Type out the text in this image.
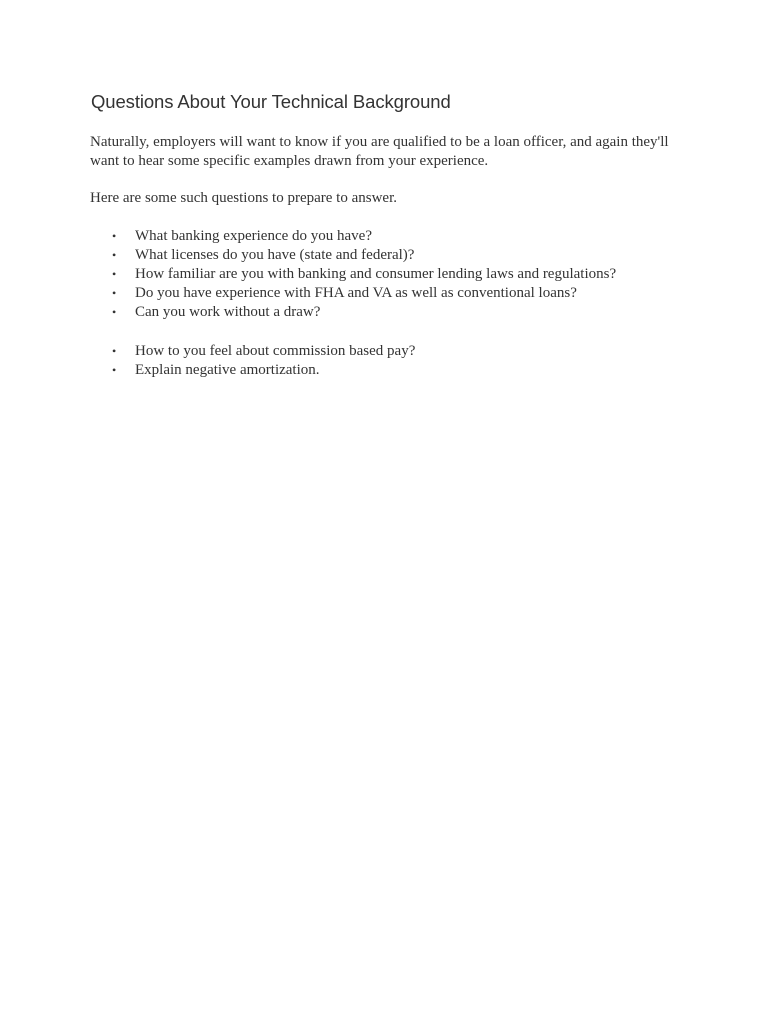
Questions About Your Technical Background

Naturally, employers will want to know if you are qualified to be a loan officer, and again they'll want to hear some specific examples drawn from your experience.

Here are some such questions to prepare to answer.

• What banking experience do you have?
• What licenses do you have (state and federal)?
• How familiar are you with banking and consumer lending laws and regulations?
• Do you have experience with FHA and VA as well as conventional loans?
• Can you work without a draw?
• How to you feel about commission based pay?
• Explain negative amortization.
